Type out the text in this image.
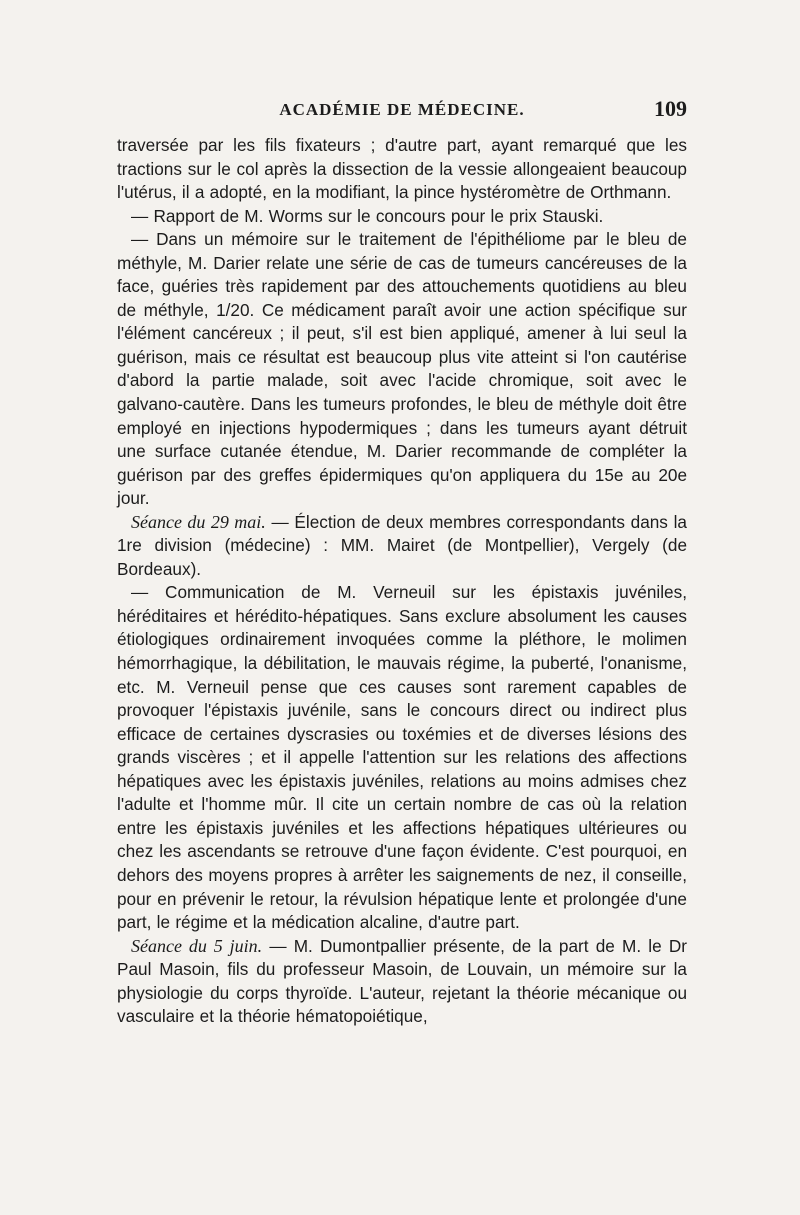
ACADÉMIE DE MÉDECINE.	109

traversée par les fils fixateurs ; d'autre part, ayant remarqué que les tractions sur le col après la dissection de la vessie allongeaient beaucoup l'utérus, il a adopté, en la modifiant, la pince hystéromètre de Orthmann.

— Rapport de M. Worms sur le concours pour le prix Stauski.

— Dans un mémoire sur le traitement de l'épithéliome par le bleu de méthyle, M. Darier relate une série de cas de tumeurs cancéreuses de la face, guéries très rapidement par des attouchements quotidiens au bleu de méthyle, 1/20. Ce médicament paraît avoir une action spécifique sur l'élément cancéreux ; il peut, s'il est bien appliqué, amener à lui seul la guérison, mais ce résultat est beaucoup plus vite atteint si l'on cautérise d'abord la partie malade, soit avec l'acide chromique, soit avec le galvano-cautère. Dans les tumeurs profondes, le bleu de méthyle doit être employé en injections hypodermiques ; dans les tumeurs ayant détruit une surface cutanée étendue, M. Darier recommande de compléter la guérison par des greffes épidermiques qu'on appliquera du 15e au 20e jour.

Séance du 29 mai. — Élection de deux membres correspondants dans la 1re division (médecine) : MM. Mairet (de Montpellier), Vergely (de Bordeaux).

— Communication de M. Verneuil sur les épistaxis juvéniles, héréditaires et hérédito-hépatiques. Sans exclure absolument les causes étiologiques ordinairement invoquées comme la pléthore, le molimen hémorrhagique, la débilitation, le mauvais régime, la puberté, l'onanisme, etc. M. Verneuil pense que ces causes sont rarement capables de provoquer l'épistaxis juvénile, sans le concours direct ou indirect plus efficace de certaines dyscrasies ou toxémies et de diverses lésions des grands viscères ; et il appelle l'attention sur les relations des affections hépatiques avec les épistaxis juvéniles, relations au moins admises chez l'adulte et l'homme mûr. Il cite un certain nombre de cas où la relation entre les épistaxis juvéniles et les affections hépatiques ultérieures ou chez les ascendants se retrouve d'une façon évidente. C'est pourquoi, en dehors des moyens propres à arrêter les saignements de nez, il conseille, pour en prévenir le retour, la révulsion hépatique lente et prolongée d'une part, le régime et la médication alcaline, d'autre part.

Séance du 5 juin. — M. Dumontpallier présente, de la part de M. le Dr Paul Masoin, fils du professeur Masoin, de Louvain, un mémoire sur la physiologie du corps thyroïde. L'auteur, rejetant la théorie mécanique ou vasculaire et la théorie hématopoiétique,
